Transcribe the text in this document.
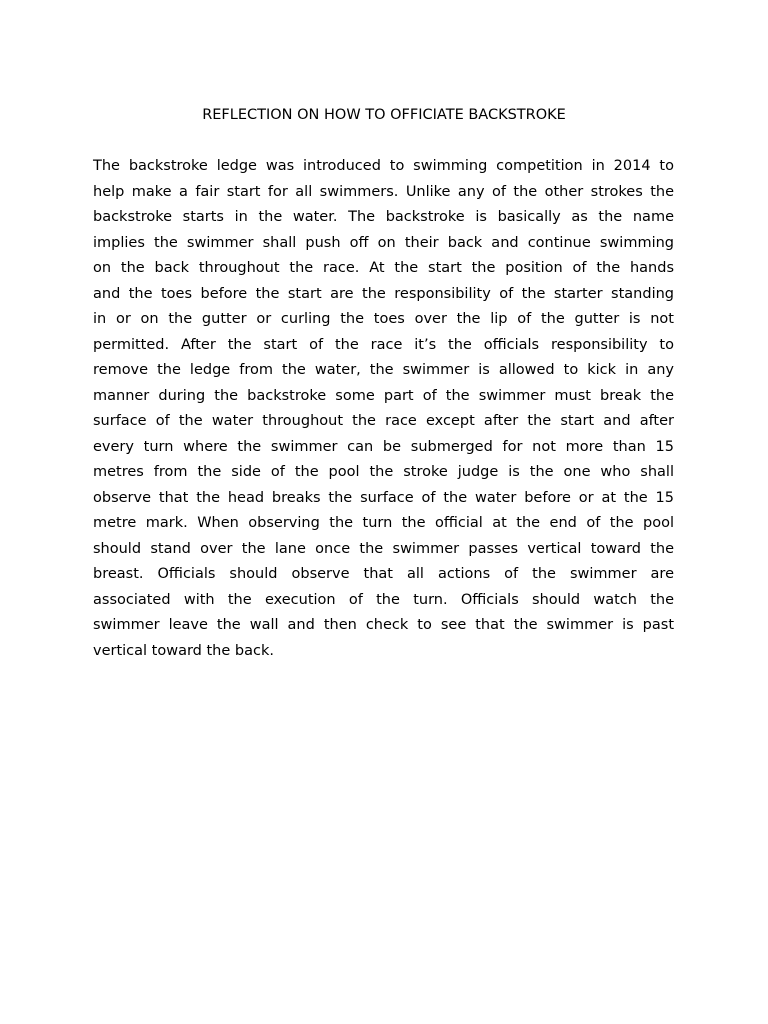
REFLECTION ON HOW TO OFFICIATE BACKSTROKE
The backstroke ledge was introduced to swimming competition in 2014 to
help make a fair start for all swimmers. Unlike any of the other strokes the
backstroke starts in the water. The backstroke is basically as the name
implies the swimmer shall push off on their back and continue swimming
on the back throughout the race. At the start the position of the hands
and the toes before the start are the responsibility of the starter standing
in or on the gutter or curling the toes over the lip of the gutter is not
permitted. After the start of the race it’s the officials responsibility to
remove the ledge from the water, the swimmer is allowed to kick in any
manner during the backstroke some part of the swimmer must break the
surface of the water throughout the race except after the start and after
every turn where the swimmer can be submerged for not more than 15
metres from the side of the pool the stroke judge is the one who shall
observe that the head breaks the surface of the water before or at the 15
metre mark. When observing the turn the official at the end of the pool
should stand over the lane once the swimmer passes vertical toward the
breast. Officials should observe that all actions of the swimmer are
associated with the execution of the turn. Officials should watch the
swimmer leave the wall and then check to see that the swimmer is past
vertical toward the back.
